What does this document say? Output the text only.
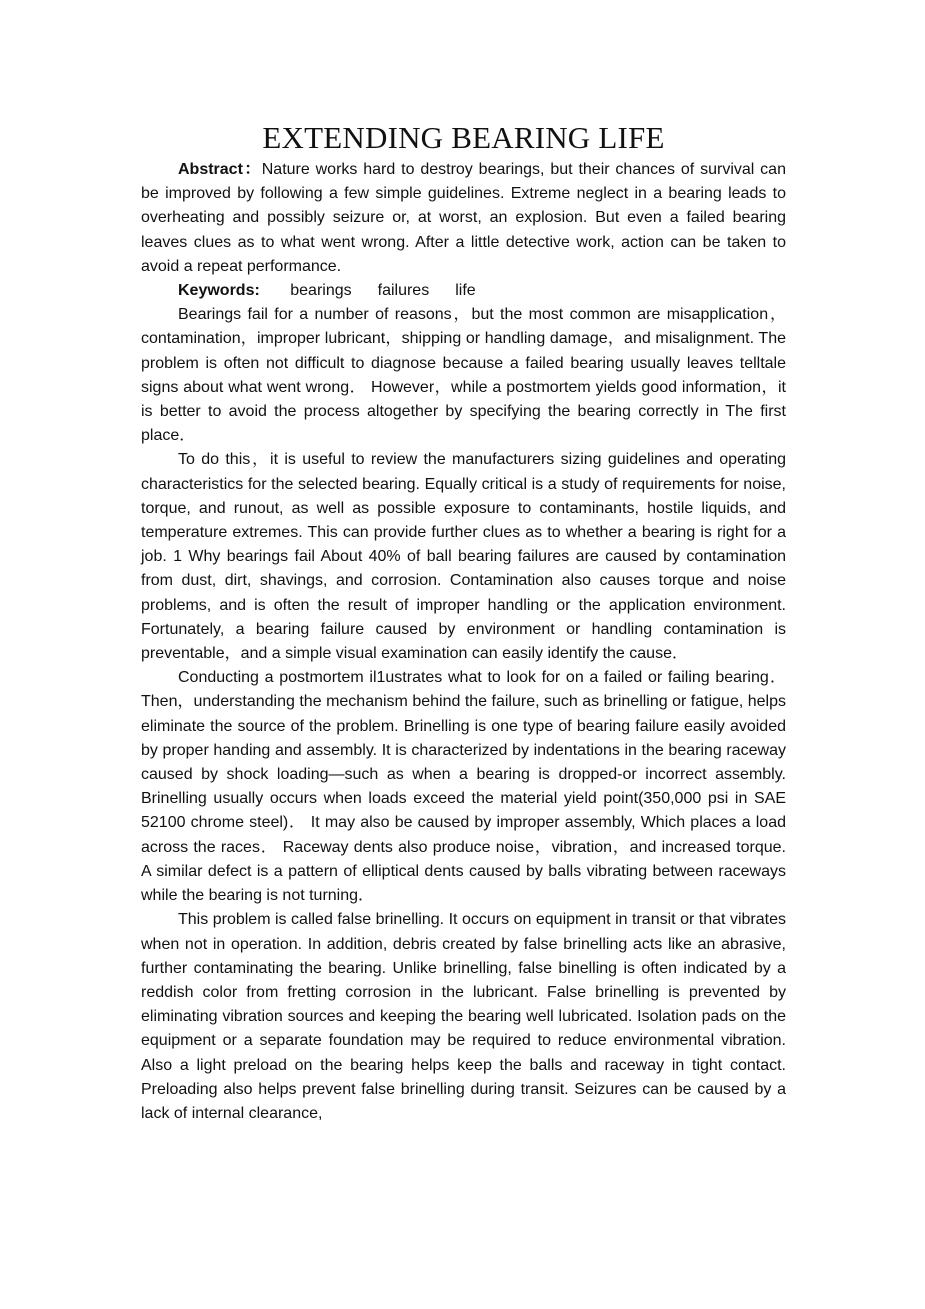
EXTENDING BEARING LIFE

Abstract：Nature works hard to destroy bearings, but their chances of survival can be improved by following a few simple guidelines. Extreme neglect in a bearing leads to overheating and possibly seizure or, at worst, an explosion. But even a failed bearing leaves clues as to what went wrong. After a little detective work, action can be taken to avoid a repeat performance.

Keywords: bearings failures life

Bearings fail for a number of reasons，but the most common are misapplication，contamination，improper lubricant，shipping or handling damage，and misalignment. The problem is often not difficult to diagnose because a failed bearing usually leaves telltale signs about what went wrong． However，while a postmortem yields good information，it is better to avoid the process altogether by specifying the bearing correctly in The first place．

To do this，it is useful to review the manufacturers sizing guidelines and operating characteristics for the selected bearing. Equally critical is a study of requirements for noise, torque, and runout, as well as possible exposure to contaminants, hostile liquids, and temperature extremes. This can provide further clues as to whether a bearing is right for a job. 1 Why bearings fail About 40% of ball bearing failures are caused by contamination from dust, dirt, shavings, and corrosion. Contamination also causes torque and noise problems, and is often the result of improper handling or the application environment. Fortunately, a bearing failure caused by environment or handling contamination is preventable，and a simple visual examination can easily identify the cause．

Conducting a postmortem il1ustrates what to look for on a failed or failing bearing．Then，understanding the mechanism behind the failure, such as brinelling or fatigue, helps eliminate the source of the problem. Brinelling is one type of bearing failure easily avoided by proper handing and assembly. It is characterized by indentations in the bearing raceway caused by shock loading—such as when a bearing is dropped-or incorrect assembly. Brinelling usually occurs when loads exceed the material yield point(350,000 psi in SAE 52100 chrome steel)． It may also be caused by improper assembly, Which places a load across the races． Raceway dents also produce noise，vibration，and increased torque. A similar defect is a pattern of elliptical dents caused by balls vibrating between raceways while the bearing is not turning．

This problem is called false brinelling. It occurs on equipment in transit or that vibrates when not in operation. In addition, debris created by false brinelling acts like an abrasive, further contaminating the bearing. Unlike brinelling, false binelling is often indicated by a reddish color from fretting corrosion in the lubricant. False brinelling is prevented by eliminating vibration sources and keeping the bearing well lubricated. Isolation pads on the equipment or a separate foundation may be required to reduce environmental vibration. Also a light preload on the bearing helps keep the balls and raceway in tight contact. Preloading also helps prevent false brinelling during transit. Seizures can be caused by a lack of internal clearance,
